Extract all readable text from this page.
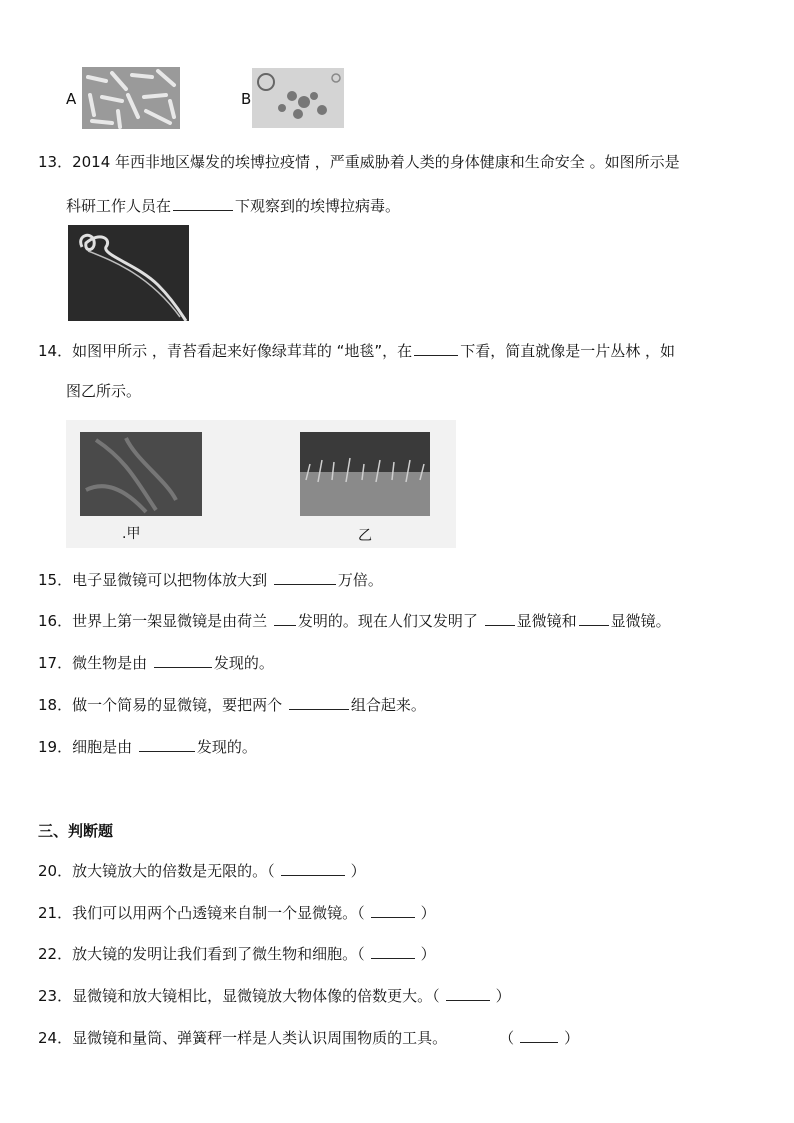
A	B
13．2014 年西非地区爆发的埃博拉疫情 ，严重威胁着人类的身体健康和生命安全 。如图所示是
科研工作人员在	下观察到的埃博拉病毒。
14．如图甲所示 ，青苔看起来好像绿茸茸的 “地毯”，在	下看，简直就像是一片丛林 ，如
图乙所示。
.甲	乙
15．电子显微镜可以把物体放大到	万倍。
16．世界上第一架显微镜是由荷兰 发明的。现在人们又发明了 显微镜和 显微镜。
17．微生物是由	发现的。
18．做一个简易的显微镜，要把两个	组合起来。
19．细胞是由	发现的。
三、判断题
20．放大镜放大的倍数是无限的。（	）
21．我们可以用两个凸透镜来自制一个显微镜。（	）
22．放大镜的发明让我们看到了微生物和细胞。（	）
23．显微镜和放大镜相比，显微镜放大物体像的倍数更大。（	）
24．显微镜和量筒、弹簧秤一样是人类认识周围物质的工具。	（	）
